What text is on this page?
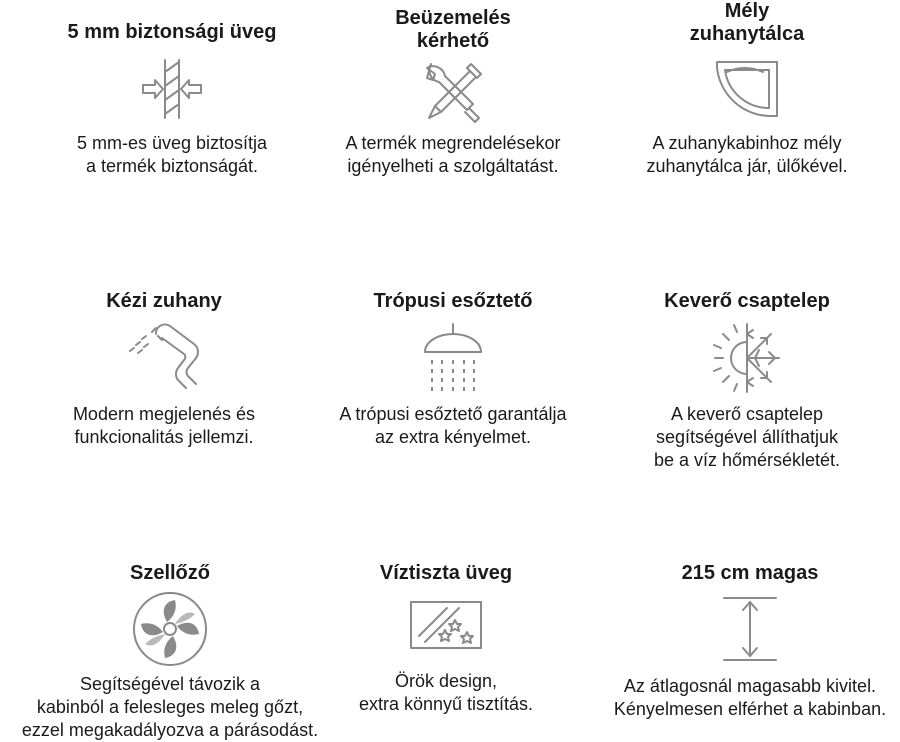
5 mm biztonsági üveg

5 mm-es üveg biztosítja

a termék biztonságát.

Beüzemelés kérhető

A termék megrendelésekor

igényelheti a szolgáltatást.

Mély zuhanytálca

A zuhanykabinhoz mély

zuhanytálca jár, ülőkével.

Kézi zuhany

Modern megjelenés és

funkcionalitás jellemzi.

Trópusi esőztető

A trópusi esőztető garantálja

az extra kényelmet.

Keverő csaptelep

A keverő csaptelep

segítségével állíthatjuk

be a víz hőmérsékletét.

Szellőző

Segítségével távozik a

kabinból a felesleges meleg gőzt,

ezzel megakadályozva a párásodást.

Víztiszta üveg

Örök design,

extra könnyű tisztítás.

215 cm magas

Az átlagosnál magasabb kivitel.

Kényelmesen elférhet a kabinban.
